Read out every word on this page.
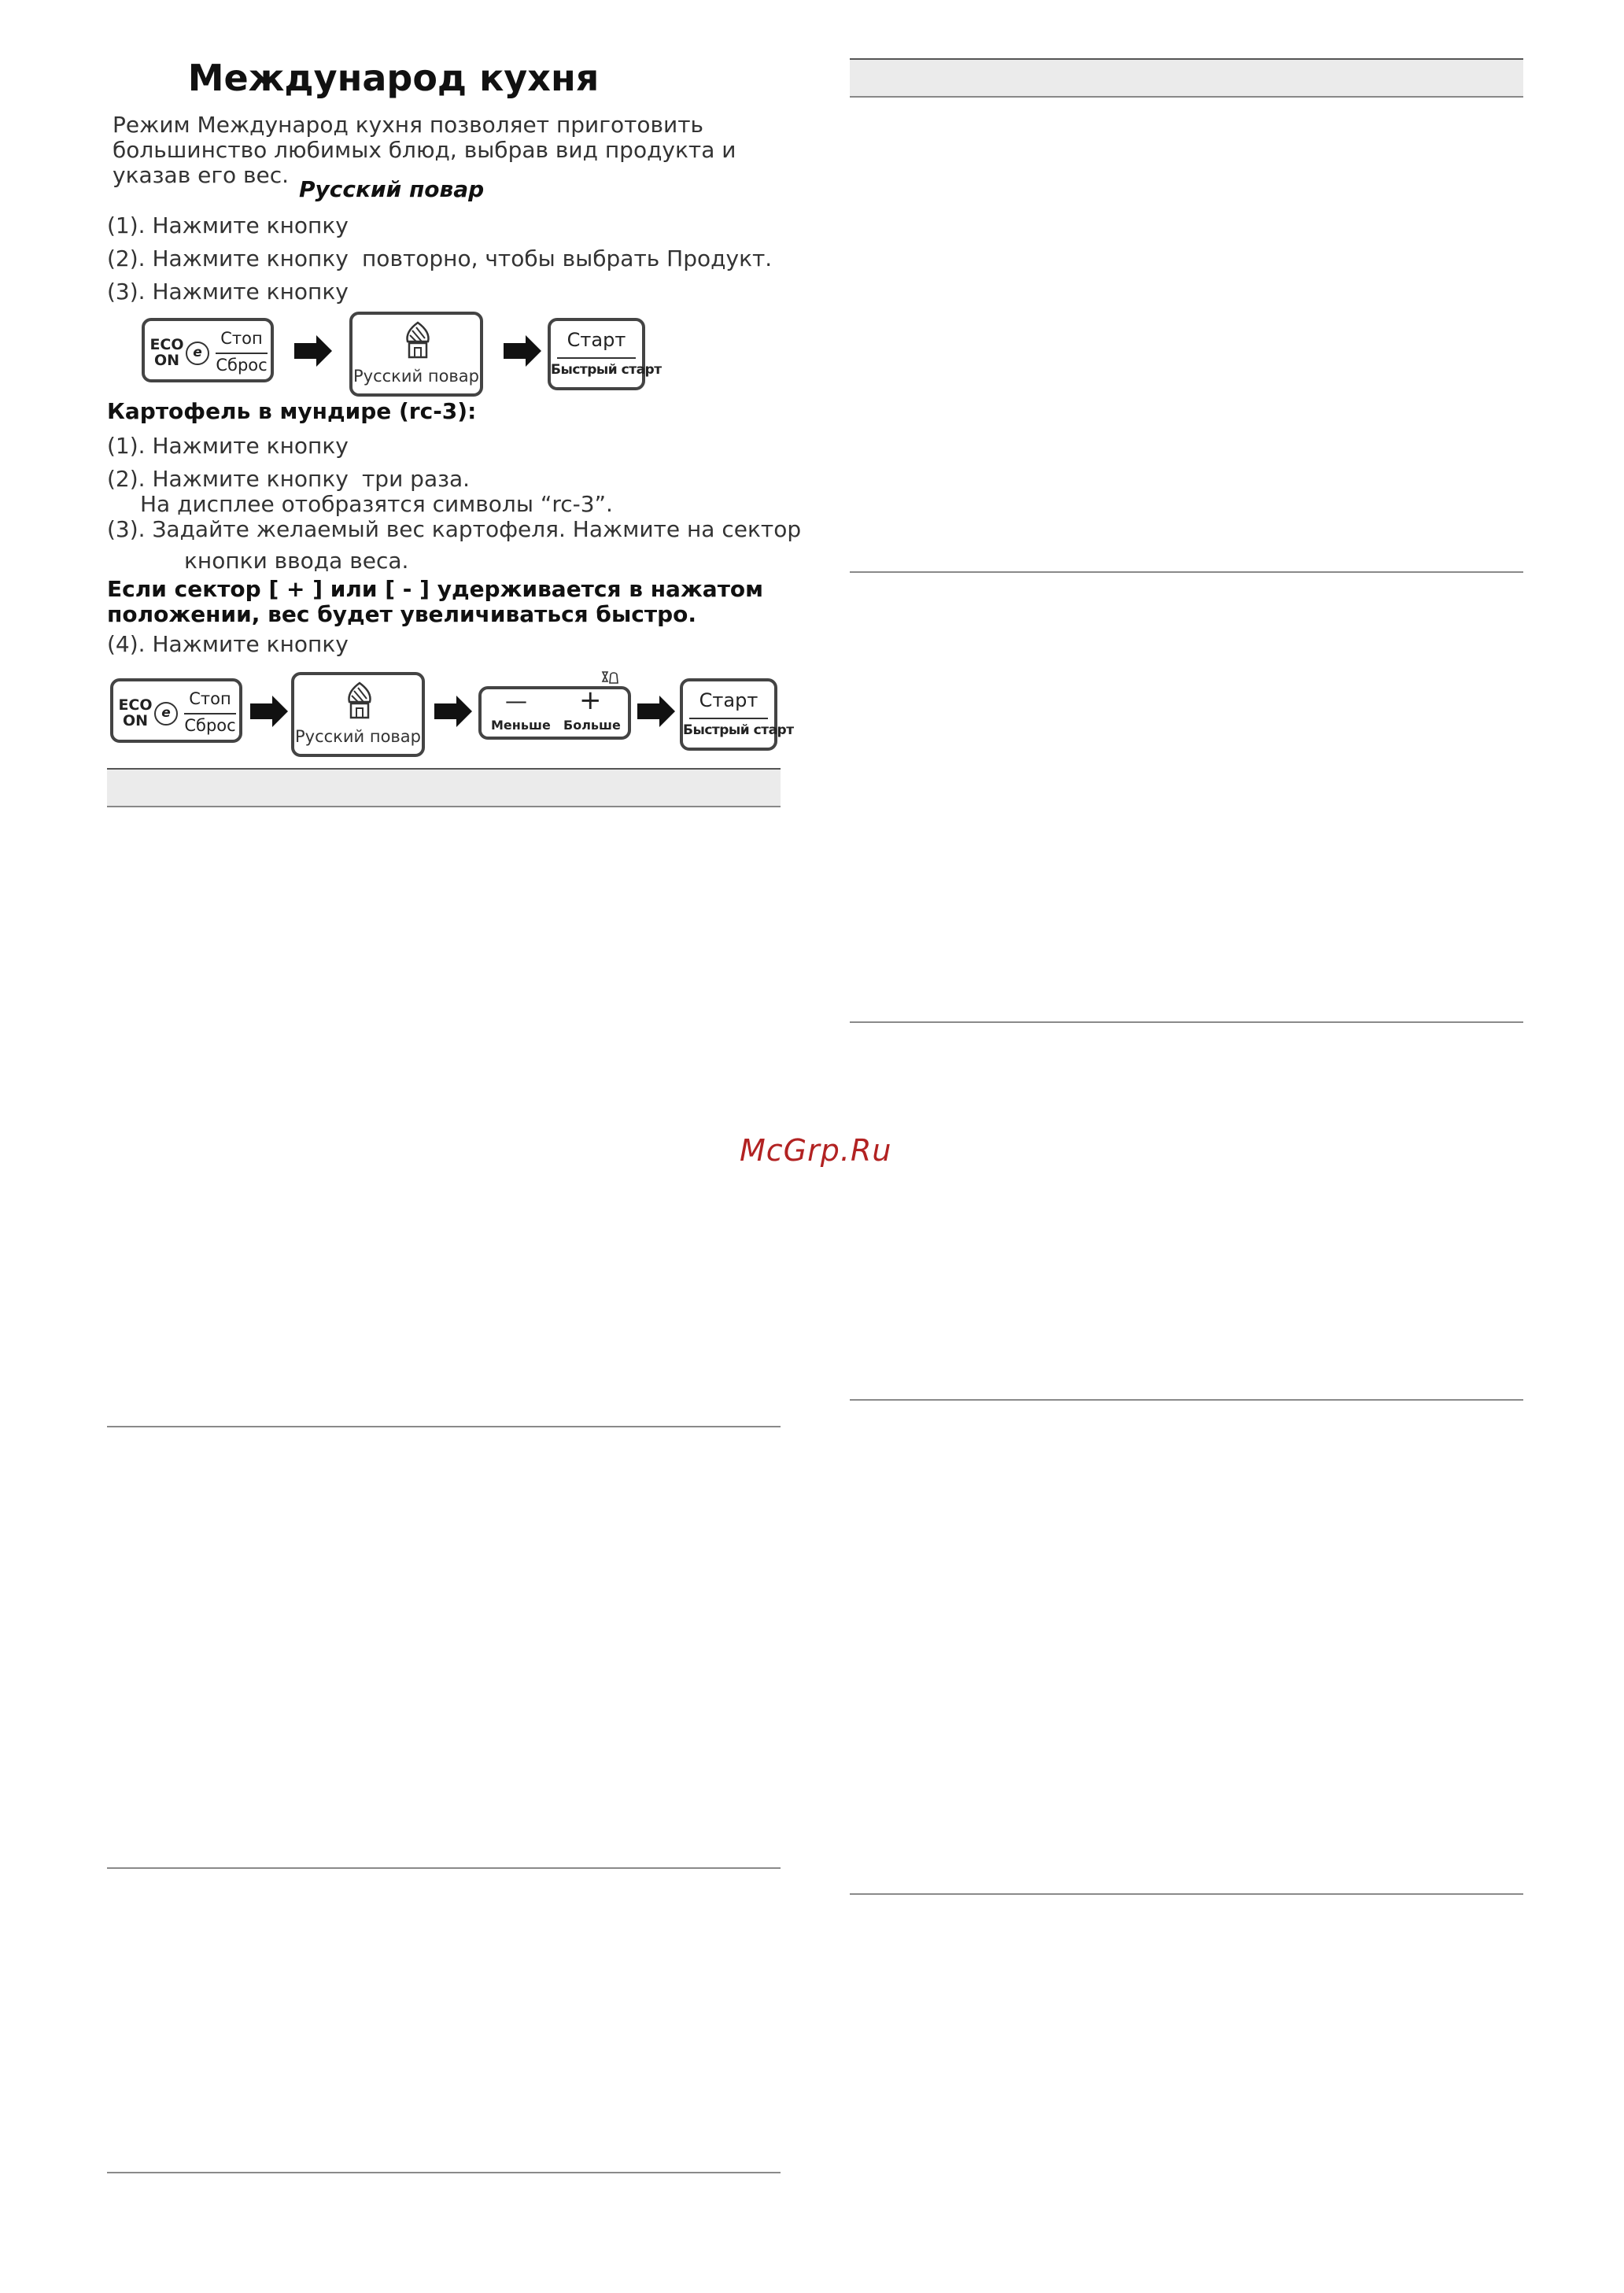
Международ кухня
Режим Международ кухня позволяет приготовить большинство любимых блюд, выбрав вид продукта и указав его вес.
Русский повар
(1). Нажмите кнопку
(2). Нажмите кнопку повторно, чтобы выбрать Продукт.
(3). Нажмите кнопку
ECO
ON	e
Стоп
Сброс
Русский повар
Старт
Быстрый старт
Картофель в мундире (rc-3):
(1). Нажмите кнопку
(2). Нажмите кнопку три раза.
На дисплее отобразятся символы “rc-3”.
(3). Задайте желаемый вес картофеля. Нажмите на сектор
кнопки ввода веса.
Если сектор [ + ] или [ - ] удерживается в нажатом
положении, вес будет увеличиваться быстро.
(4). Нажмите кнопку
ECO
ON	e
Стоп
Сброс
Русский повар
— +
Меньше Больше
Старт
Быстрый старт
McGrp.Ru
